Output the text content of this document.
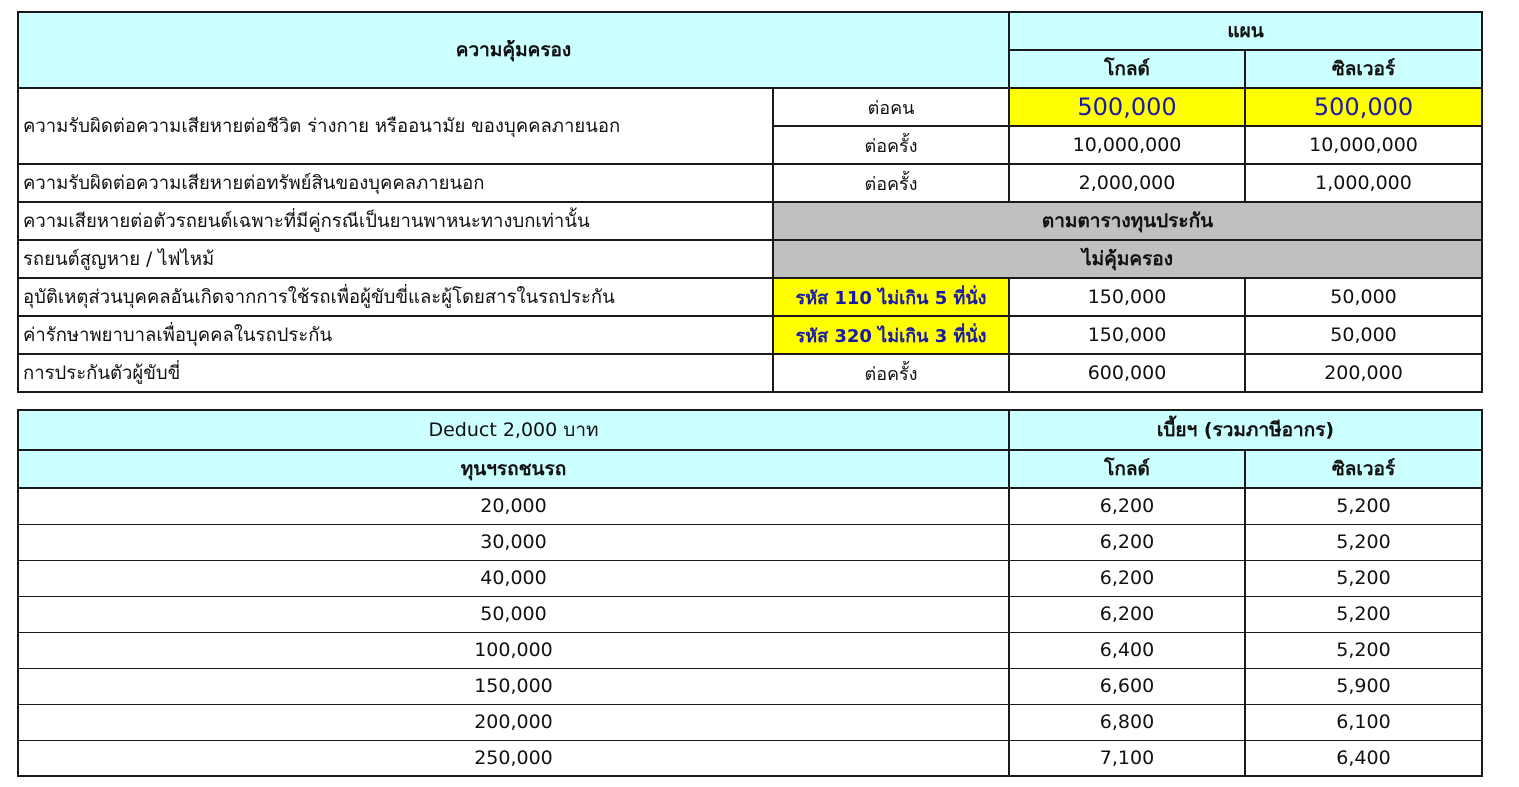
ความคุ้มครอง		แผน	
		โกลด์	ซิลเวอร์
ความรับผิดต่อความเสียหายต่อชีวิต ร่างกาย หรืออนามัย ของบุคคลภายนอก	ต่อคน	500,000	500,000
	ต่อครั้ง	10,000,000	10,000,000
ความรับผิดต่อความเสียหายต่อทรัพย์สินของบุคคลภายนอก	ต่อครั้ง	2,000,000	1,000,000
ความเสียหายต่อตัวรถยนต์เฉพาะที่มีคู่กรณีเป็นยานพาหนะทางบกเท่านั้น	ตามตารางทุนประกัน		
รถยนต์สูญหาย / ไฟไหม้	ไม่คุ้มครอง		
อุบัติเหตุส่วนบุคคลอันเกิดจากการใช้รถเพื่อผู้ขับขี่และผู้โดยสารในรถประกัน	รหัส 110 ไม่เกิน 5 ที่นั่ง	150,000	50,000
ค่ารักษาพยาบาลเพื่อบุคคลในรถประกัน	รหัส 320 ไม่เกิน 3 ที่นั่ง	150,000	50,000
การประกันตัวผู้ขับขี่	ต่อครั้ง	600,000	200,000
Deduct 2,000 บาท	เบี้ยฯ (รวมภาษีอากร)	
ทุนฯรถชนรถ	โกลด์	ซิลเวอร์
20,000	6,200	5,200
30,000	6,200	5,200
40,000	6,200	5,200
50,000	6,200	5,200
100,000	6,400	5,200
150,000	6,600	5,900
200,000	6,800	6,100
250,000	7,100	6,400
